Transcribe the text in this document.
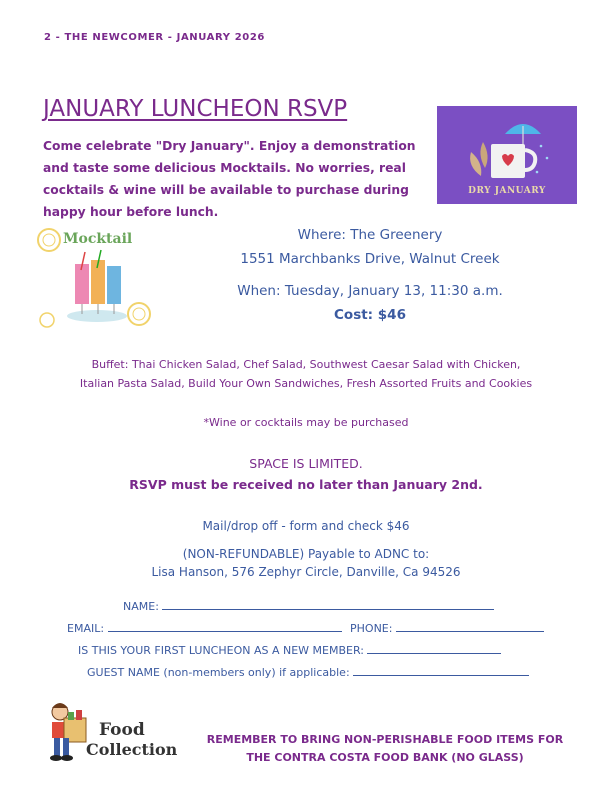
2 - THE NEWCOMER - JANUARY 2026
JANUARY LUNCHEON RSVP
Come celebrate "Dry January". Enjoy a demonstration
and taste some delicious Mocktails. No worries, real
cocktails & wine will be available to purchase during
happy hour before lunch.
DRY JANUARY
Mocktail	Where: The Greenery
1551 Marchbanks Drive, Walnut Creek
When: Tuesday, January 13, 11:30 a.m.
Cost: $46
Buffet: Thai Chicken Salad, Chef Salad, Southwest Caesar Salad with Chicken,
Italian Pasta Salad, Build Your Own Sandwiches, Fresh Assorted Fruits and Cookies
*Wine or cocktails may be purchased
SPACE IS LIMITED.
RSVP must be received no later than January 2nd.
Mail/drop off - form and check $46
(NON-REFUNDABLE) Payable to ADNC to:
Lisa Hanson, 576 Zephyr Circle, Danville, Ca 94526
NAME:
EMAIL:	PHONE:
IS THIS YOUR FIRST LUNCHEON AS A NEW MEMBER:
GUEST NAME (non-members only) if applicable:
Food
Collection
REMEMBER TO BRING NON-PERISHABLE FOOD ITEMS FOR
THE CONTRA COSTA FOOD BANK (NO GLASS)
